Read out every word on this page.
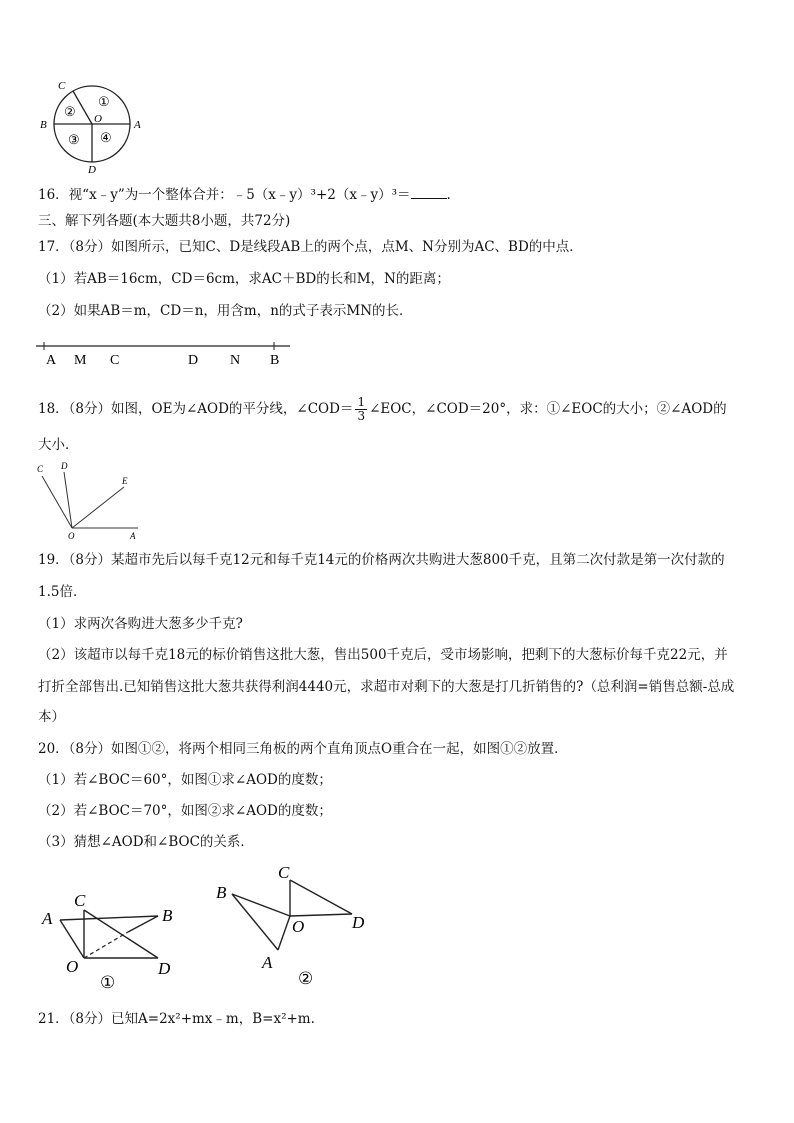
C
B	A
D
O
①
②
③ ④
16．视“x﹣y”为一个整体合并：﹣5（x﹣y）³+2（x﹣y）³＝	.
三、解下列各题(本大题共8小题，共72分)
17．（8分）如图所示，已知C、D是线段AB上的两个点，点M、N分别为AC、BD的中点．
（1）若AB＝16cm，CD＝6cm，求AC＋BD的长和M，N的距离；
（2）如果AB＝m，CD＝n，用含m，n的式子表示MN的长．
A M C	D N B
18．（8分）如图，OE为∠AOD的平分线，∠COD＝ $\frac{1}{3}$ ∠EOC，∠COD＝20°，求：①∠EOC的大小；②∠AOD的
大小．
C D
E
O	A
19．（8分）某超市先后以每千克12元和每千克14元的价格两次共购进大葱800千克，且第二次付款是第一次付款的
1.5倍．
（1）求两次各购进大葱多少千克?
（2）该超市以每千克18元的标价销售这批大葱，售出500千克后，受市场影响，把剩下的大葱标价每千克22元，并
打折全部售出.已知销售这批大葱共获得利润4440元，求超市对剩下的大葱是打几折销售的?（总利润=销售总额-总成
本）
20．（8分）如图①②，将两个相同三角板的两个直角顶点O重合在一起，如图①②放置．
（1）若∠BOC＝60°，如图①求∠AOD的度数；
（2）若∠BOC＝70°，如图②求∠AOD的度数；
（3）猜想∠AOD和∠BOC的关系．
A
C
B
O	D
①
B
C
O	D
A
②
21．（8分）已知A=2x²+mx﹣m，B=x²+m.
